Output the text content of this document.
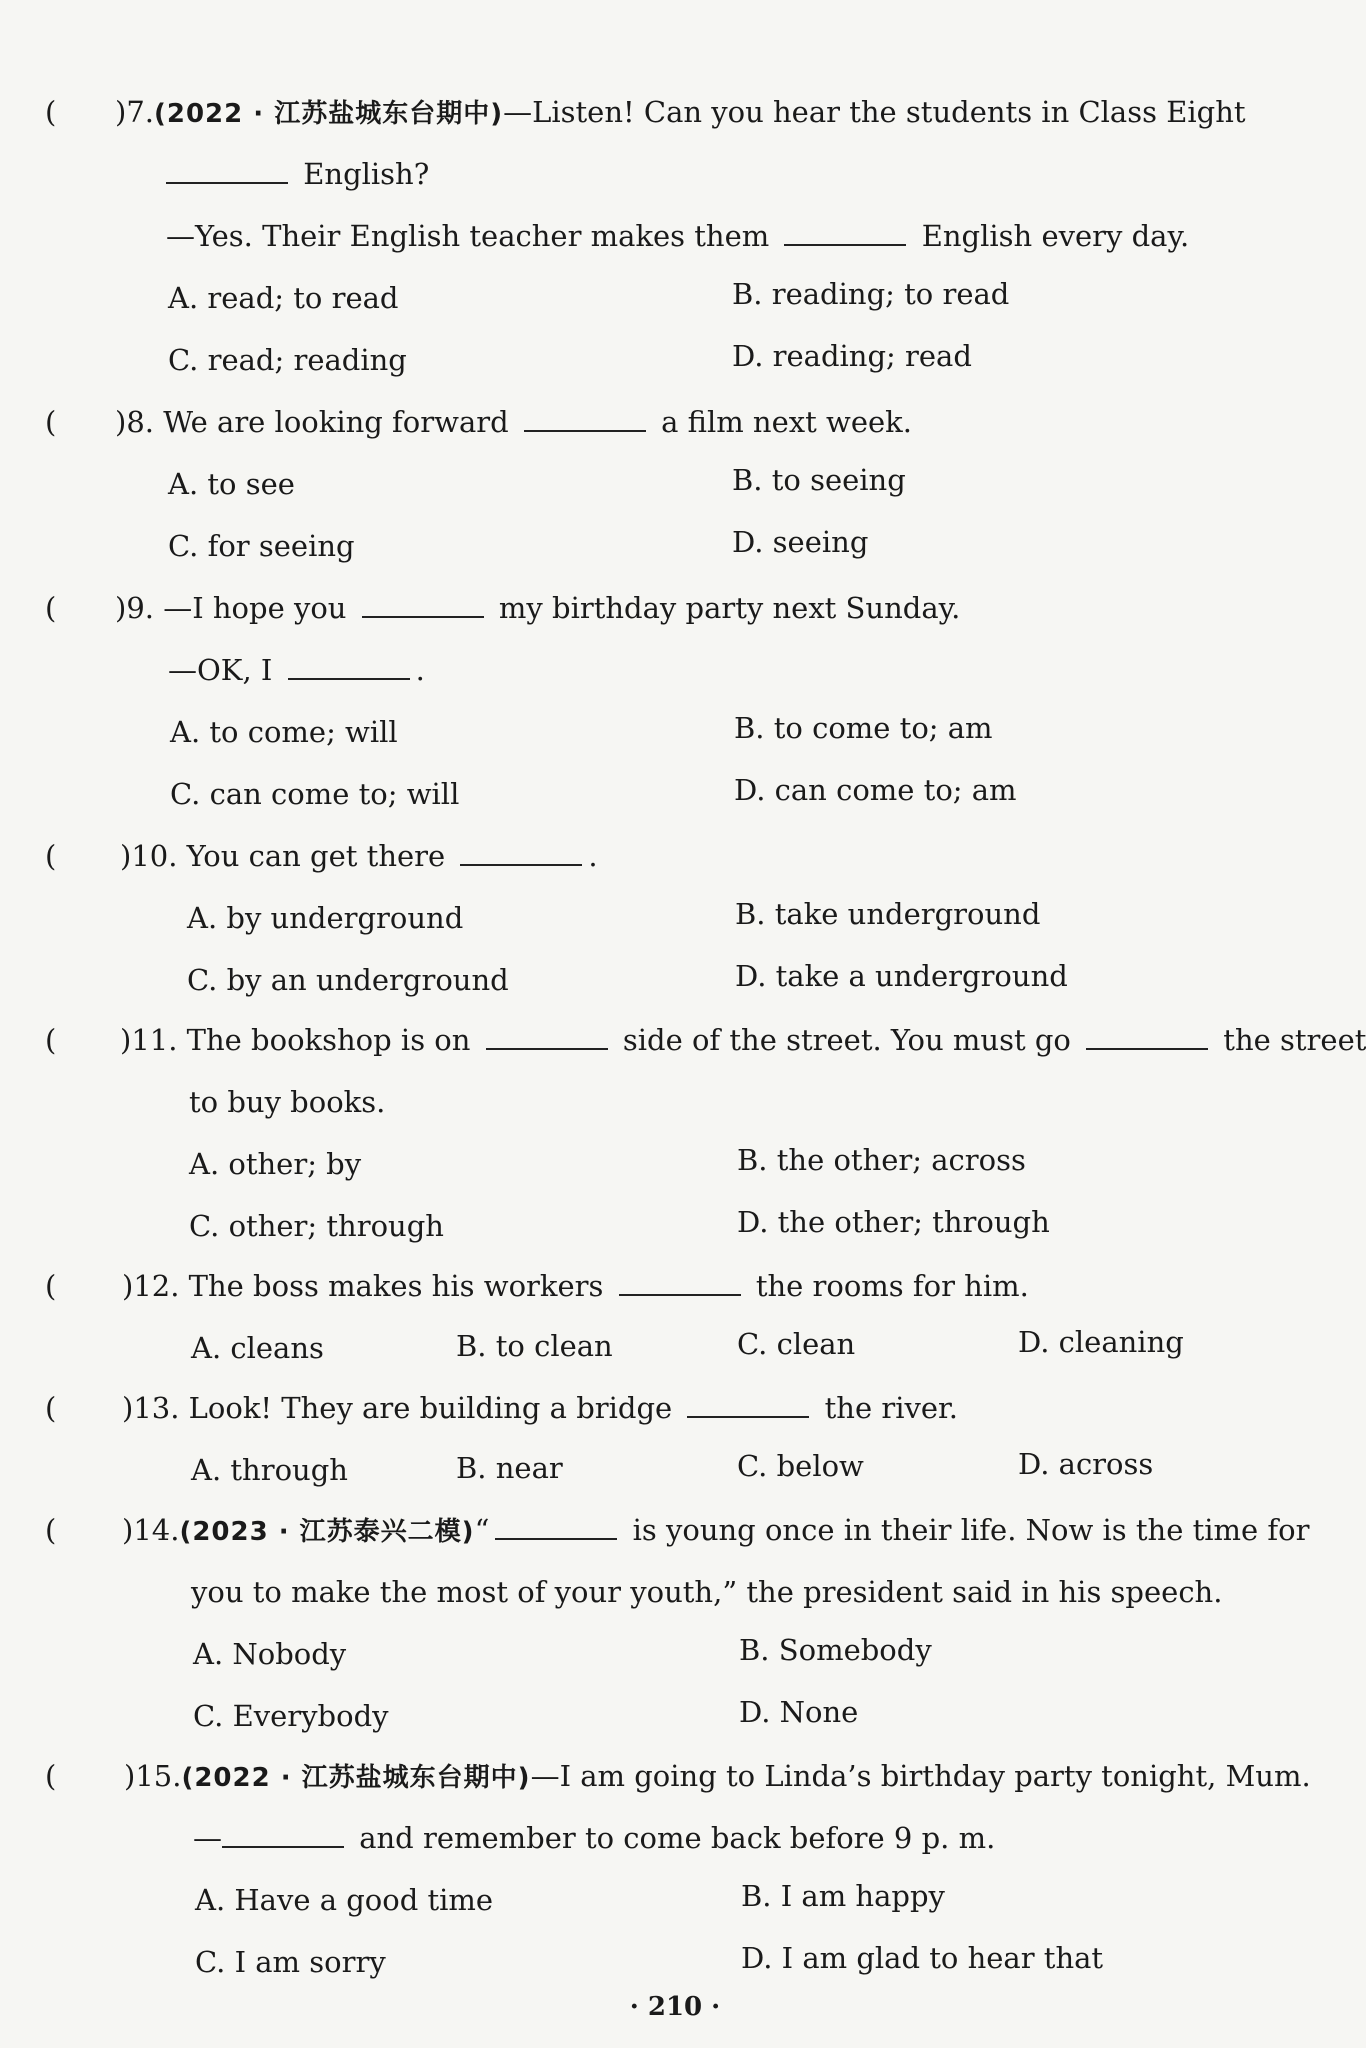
( )7.(2022 · 江苏盐城东台期中)—Listen! Can you hear the students in Class Eight
English?
—Yes. Their English teacher makes them	English every day.
A. read; to read	B. reading; to read
C. read; reading	D. reading; read
( )8. We are looking forward	a film next week.
A. to see	B. to seeing
C. for seeing	D. seeing
( )9. —I hope you	my birthday party next Sunday.
—OK, I	.
A. to come; will	B. to come to; am
C. can come to; will	D. can come to; am
( )10. You can get there	.
A. by underground	B. take underground
C. by an underground	D. take a underground
( )11. The bookshop is on	side of the street. You must go	the street
to buy books.
A. other; by	B. the other; across
C. other; through	D. the other; through
( )12. The boss makes his workers	the rooms for him.
A. cleans	B. to clean	C. clean	D. cleaning
( )13. Look! They are building a bridge	the river.
A. through	B. near	C. below	D. across
( )14.(2023 · 江苏泰兴二模)“	is young once in their life. Now is the time for
you to make the most of your youth,” the president said in his speech.
A. Nobody	B. Somebody
C. Everybody	D. None
( )15.(2022 · 江苏盐城东台期中)—I am going to Linda’s birthday party tonight, Mum.
—	and remember to come back before 9 p. m.
A. Have a good time	B. I am happy
C. I am sorry	D. I am glad to hear that
· 210 ·
